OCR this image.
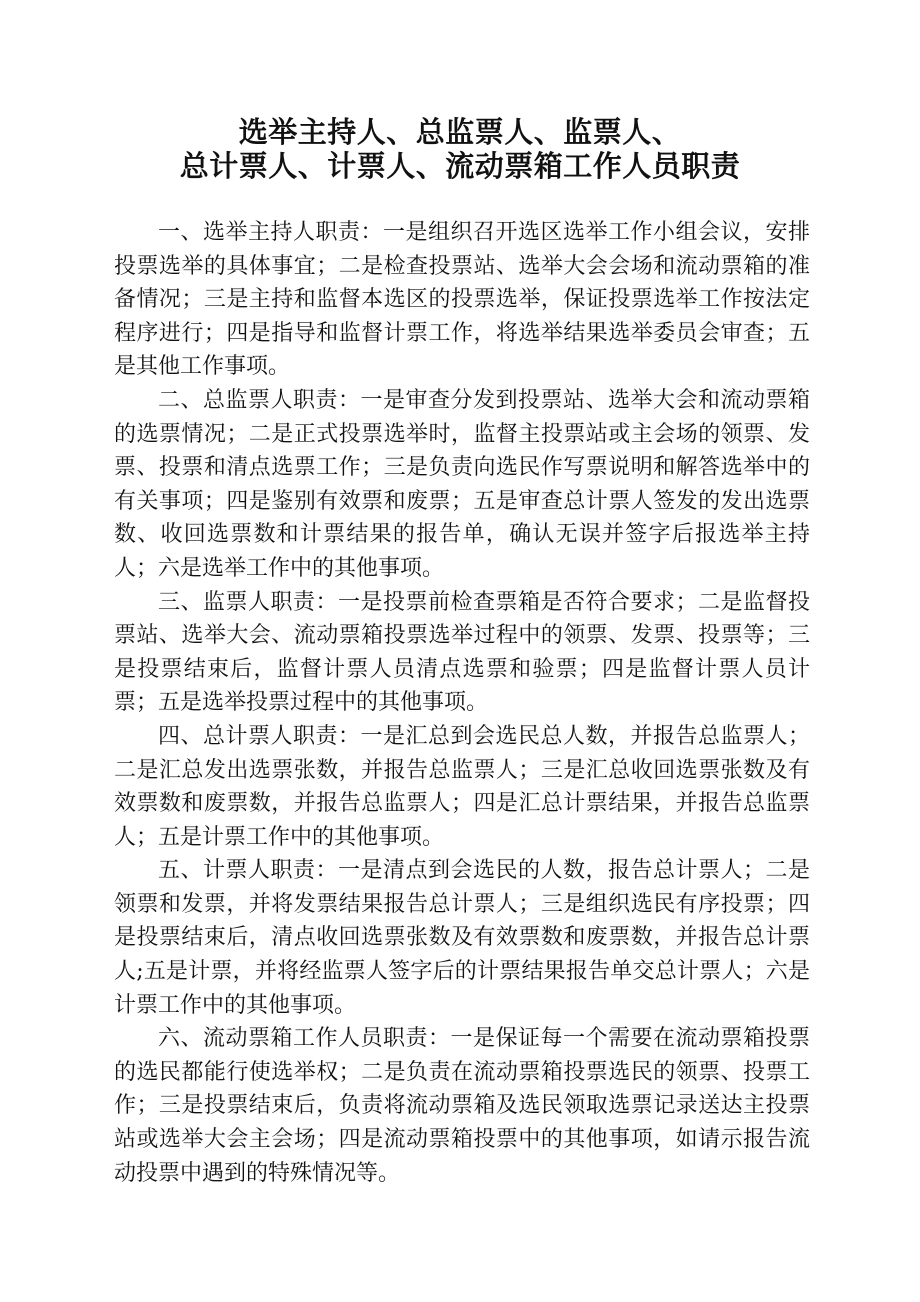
选举主持人、总监票人、监票人、
总计票人、计票人、流动票箱工作人员职责

一、选举主持人职责：一是组织召开选区选举工作小组会议，安排投票选举的具体事宜；二是检查投票站、选举大会会场和流动票箱的准备情况；三是主持和监督本选区的投票选举，保证投票选举工作按法定程序进行；四是指导和监督计票工作，将选举结果选举委员会审查；五是其他工作事项。

二、总监票人职责：一是审查分发到投票站、选举大会和流动票箱的选票情况；二是正式投票选举时，监督主投票站或主会场的领票、发票、投票和清点选票工作；三是负责向选民作写票说明和解答选举中的有关事项；四是鉴别有效票和废票；五是审查总计票人签发的发出选票数、收回选票数和计票结果的报告单，确认无误并签字后报选举主持人；六是选举工作中的其他事项。

三、监票人职责：一是投票前检查票箱是否符合要求；二是监督投票站、选举大会、流动票箱投票选举过程中的领票、发票、投票等；三是投票结束后，监督计票人员清点选票和验票；四是监督计票人员计票；五是选举投票过程中的其他事项。

四、总计票人职责：一是汇总到会选民总人数，并报告总监票人；二是汇总发出选票张数，并报告总监票人；三是汇总收回选票张数及有效票数和废票数，并报告总监票人；四是汇总计票结果，并报告总监票人；五是计票工作中的其他事项。

五、计票人职责：一是清点到会选民的人数，报告总计票人；二是领票和发票，并将发票结果报告总计票人；三是组织选民有序投票；四是投票结束后，清点收回选票张数及有效票数和废票数，并报告总计票人;五是计票，并将经监票人签字后的计票结果报告单交总计票人；六是计票工作中的其他事项。

六、流动票箱工作人员职责：一是保证每一个需要在流动票箱投票的选民都能行使选举权；二是负责在流动票箱投票选民的领票、投票工作；三是投票结束后，负责将流动票箱及选民领取选票记录送达主投票站或选举大会主会场；四是流动票箱投票中的其他事项，如请示报告流动投票中遇到的特殊情况等。
